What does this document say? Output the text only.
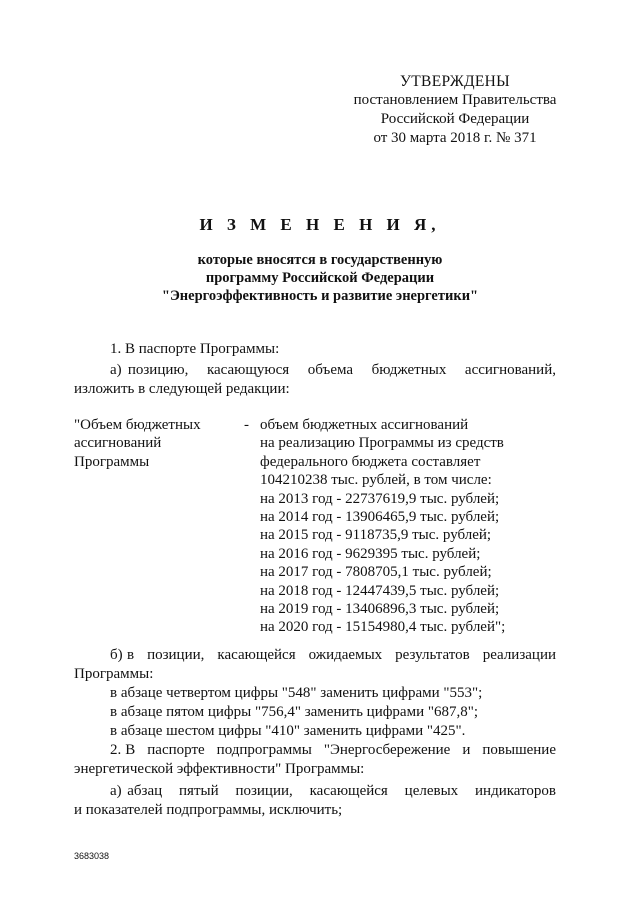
УТВЕРЖДЕНЫ
постановлением Правительства
Российской Федерации
от 30 марта 2018 г. № 371
И З М Е Н Е Н И Я,
которые вносятся в государственную
программу Российской Федерации
"Энергоэффективность и развитие энергетики"
1. В паспорте Программы:
а) позицию,   касающуюся   объема   бюджетных   ассигнований,
изложить в следующей редакции:
"Объем бюджетных
ассигнований
Программы
- объем бюджетных ассигнований
на реализацию Программы из средств
федерального бюджета составляет
104210238 тыс. рублей, в том числе:
на 2013 год - 22737619,9 тыс. рублей;
на 2014 год - 13906465,9 тыс. рублей;
на 2015 год - 9118735,9 тыс. рублей;
на 2016 год - 9629395 тыс. рублей;
на 2017 год - 7808705,1 тыс. рублей;
на 2018 год - 12447439,5 тыс. рублей;
на 2019 год - 13406896,3 тыс. рублей;
на 2020 год - 15154980,4 тыс. рублей";
б) в   позиции,   касающейся   ожидаемых   результатов   реализации
Программы:
в абзаце четвертом цифры "548" заменить цифрами "553";
в абзаце пятом цифры "756,4" заменить цифрами "687,8";
в абзаце шестом цифры "410" заменить цифрами "425".
2. В   паспорте   подпрограммы   "Энергосбережение   и   повышение
энергетической эффективности" Программы:
а) абзац   пятый   позиции,   касающейся   целевых   индикаторов
и показателей подпрограммы, исключить;
3683038
